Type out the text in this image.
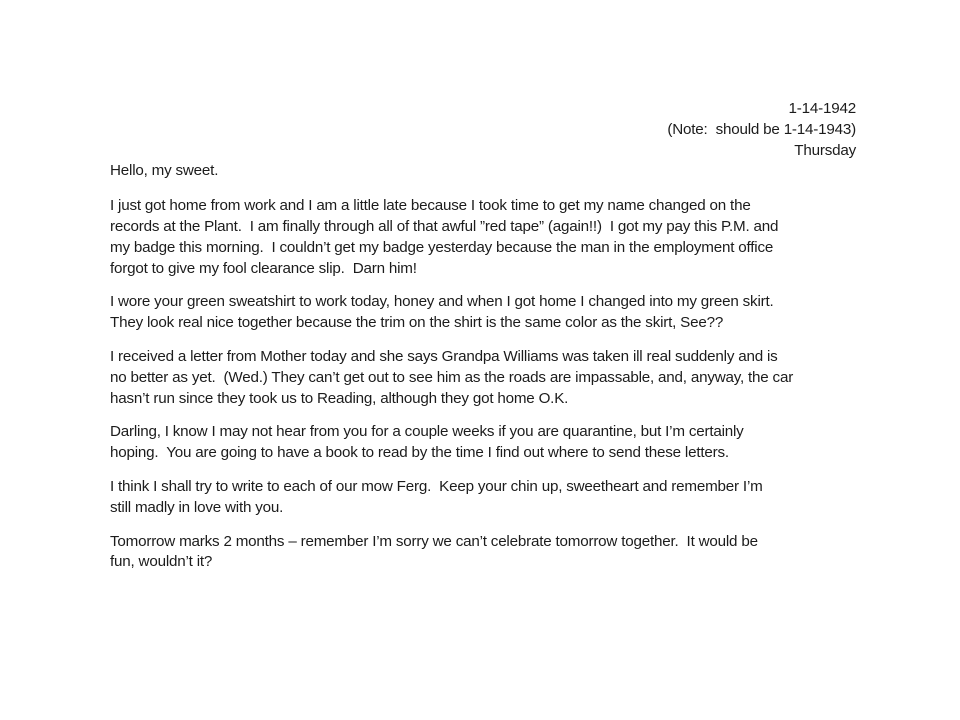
1-14-1942
(Note:  should be 1-14-1943)
Thursday
Hello, my sweet.
I just got home from work and I am a little late because I took time to get my name changed on the
records at the Plant.  I am finally through all of that awful ”red tape” (again!!)  I got my pay this P.M. and
my badge this morning.  I couldn’t get my badge yesterday because the man in the employment office
forgot to give my fool clearance slip.  Darn him!
I wore your green sweatshirt to work today, honey and when I got home I changed into my green skirt.
They look real nice together because the trim on the shirt is the same color as the skirt, See??
I received a letter from Mother today and she says Grandpa Williams was taken ill real suddenly and is
no better as yet.  (Wed.) They can’t get out to see him as the roads are impassable, and, anyway, the car
hasn’t run since they took us to Reading, although they got home O.K.
Darling, I know I may not hear from you for a couple weeks if you are quarantine, but I’m certainly
hoping.  You are going to have a book to read by the time I find out where to send these letters.
I think I shall try to write to each of our mow Ferg.  Keep your chin up, sweetheart and remember I’m
still madly in love with you.
Tomorrow marks 2 months – remember I’m sorry we can’t celebrate tomorrow together.  It would be
fun, wouldn’t it?
